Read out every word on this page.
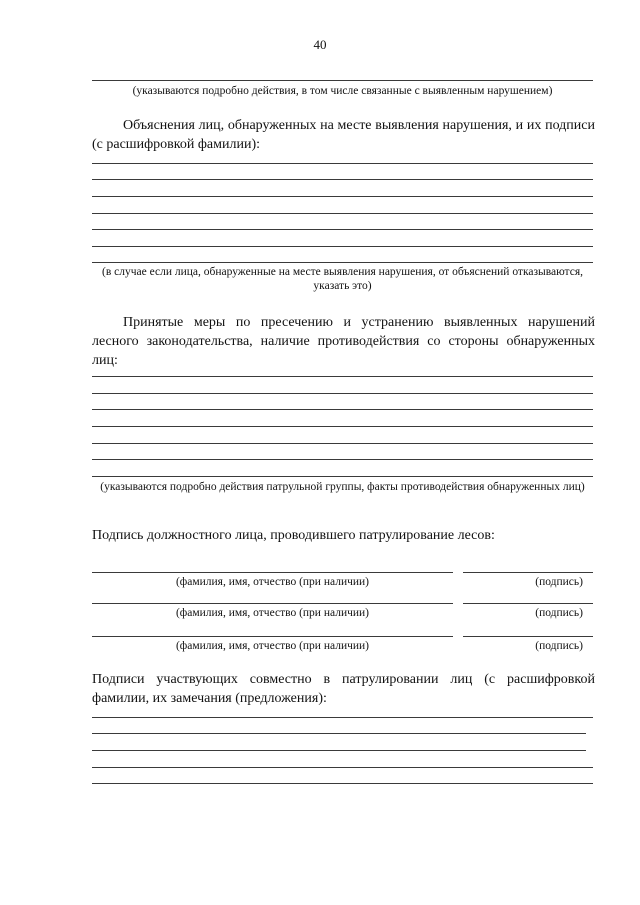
40
(указываются подробно действия, в том числе связанные с выявленным нарушением)
Объяснения лиц, обнаруженных на месте выявления нарушения, и их подписи (с расшифровкой фамилии):
(в случае если лица, обнаруженные на месте выявления нарушения, от объяснений отказываются, указать это)
Принятые меры по пресечению и устранению выявленных нарушений лесного законодательства, наличие противодействия со стороны обнаруженных лиц:
(указываются подробно действия патрульной группы, факты противодействия обнаруженных лиц)
Подпись должностного лица, проводившего патрулирование лесов:
(фамилия, имя, отчество (при наличии)	(подпись)
(фамилия, имя, отчество (при наличии)	(подпись)
(фамилия, имя, отчество (при наличии)	(подпись)
Подписи участвующих совместно в патрулировании лиц (с расшифровкой фамилии, их замечания (предложения):
